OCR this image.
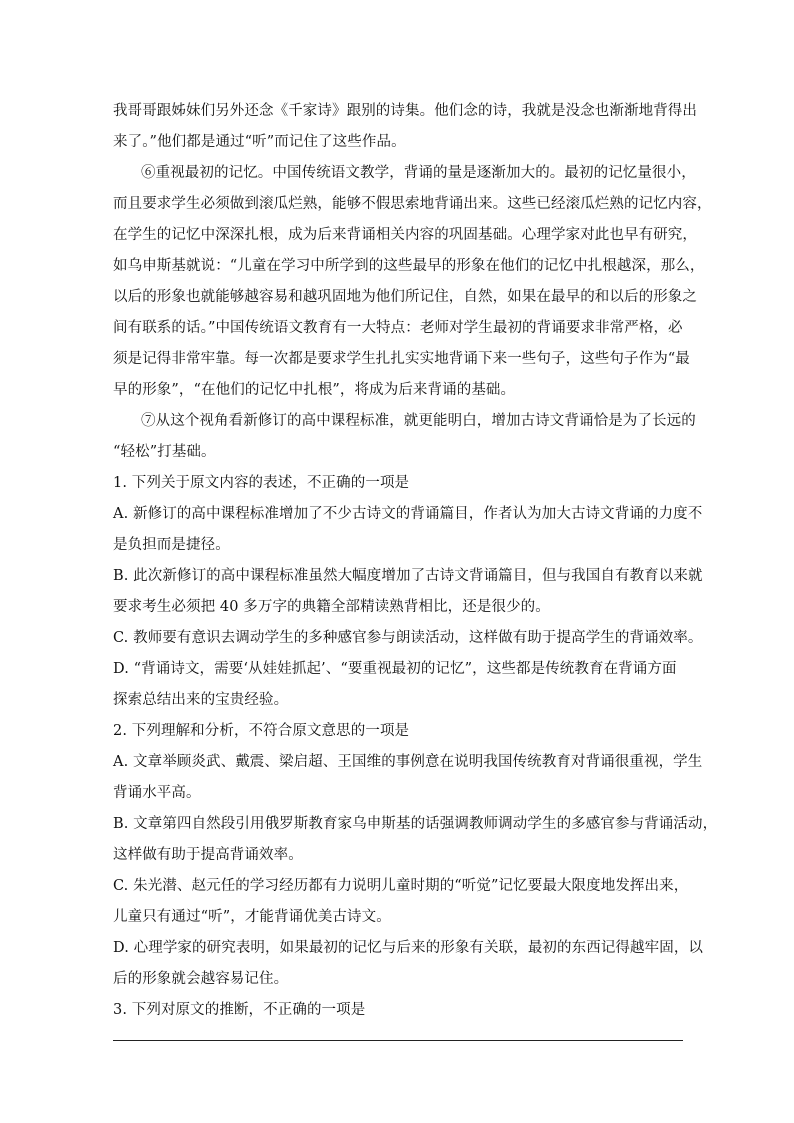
我哥哥跟姊妹们另外还念《千家诗》跟别的诗集。他们念的诗，我就是没念也渐渐地背得出
来了。”他们都是通过“听”而记住了这些作品。
⑥重视最初的记忆。中国传统语文教学，背诵的量是逐渐加大的。最初的记忆量很小，
而且要求学生必须做到滚瓜烂熟，能够不假思索地背诵出来。这些已经滚瓜烂熟的记忆内容，
在学生的记忆中深深扎根，成为后来背诵相关内容的巩固基础。心理学家对此也早有研究，
如乌申斯基就说：“儿童在学习中所学到的这些最早的形象在他们的记忆中扎根越深，那么，
以后的形象也就能够越容易和越巩固地为他们所记住，自然，如果在最早的和以后的形象之
间有联系的话。”中国传统语文教育有一大特点：老师对学生最初的背诵要求非常严格，必
须是记得非常牢靠。每一次都是要求学生扎扎实实地背诵下来一些句子，这些句子作为“最
早的形象”，“在他们的记忆中扎根”，将成为后来背诵的基础。
⑦从这个视角看新修订的高中课程标准，就更能明白，增加古诗文背诵恰是为了长远的
“轻松”打基础。
1. 下列关于原文内容的表述，不正确的一项是
A. 新修订的高中课程标准增加了不少古诗文的背诵篇目，作者认为加大古诗文背诵的力度不
是负担而是捷径。
B. 此次新修订的高中课程标准虽然大幅度增加了古诗文背诵篇目，但与我国自有教育以来就
要求考生必须把 40 多万字的典籍全部精读熟背相比，还是很少的。
C. 教师要有意识去调动学生的多种感官参与朗读活动，这样做有助于提高学生的背诵效率。
D. “背诵诗文，需要‘从娃娃抓起’、“要重视最初的记忆”，这些都是传统教育在背诵方面
探索总结出来的宝贵经验。
2. 下列理解和分析，不符合原文意思的一项是
A. 文章举顾炎武、戴震、梁启超、王国维的事例意在说明我国传统教育对背诵很重视，学生
背诵水平高。
B. 文章第四自然段引用俄罗斯教育家乌申斯基的话强调教师调动学生的多感官参与背诵活动，
这样做有助于提高背诵效率。
C. 朱光潜、赵元任的学习经历都有力说明儿童时期的“听觉”记忆要最大限度地发挥出来，
儿童只有通过“听”，才能背诵优美古诗文。
D. 心理学家的研究表明，如果最初的记忆与后来的形象有关联，最初的东西记得越牢固，以
后的形象就会越容易记住。
3. 下列对原文的推断，不正确的一项是
